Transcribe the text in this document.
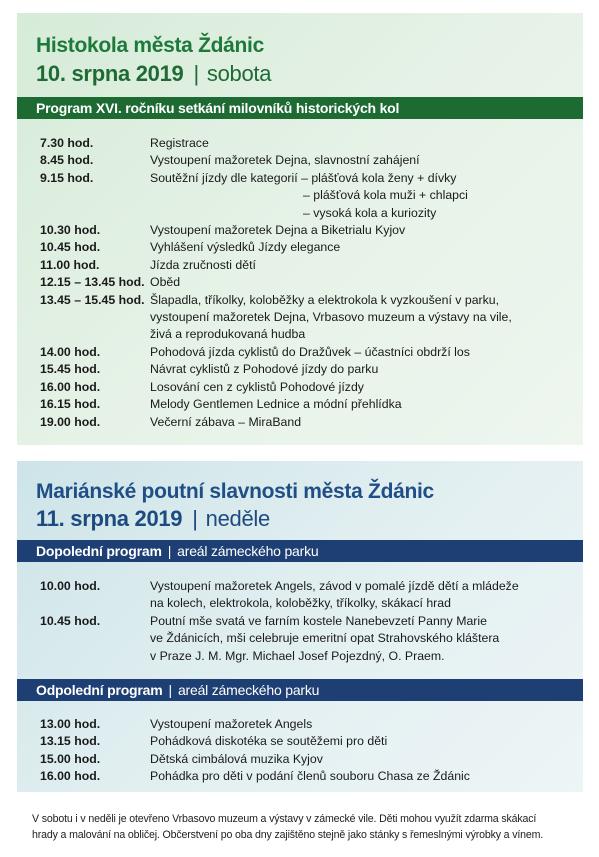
Histokola města Ždánic
10. srpna 2019 | sobota
Program XVI. ročníku setkání milovníků historických kol
7.30 hod.	Registrace
8.45 hod.	Vystoupení mažoretek Dejna, slavnostní zahájení
9.15 hod.	Soutěžní jízdy dle kategorií – plášťová kola ženy + dívky
– plášťová kola muži + chlapci
– vysoká kola a kuriozity
10.30 hod.	Vystoupení mažoretek Dejna a Biketrialu Kyjov
10.45 hod.	Vyhlášení výsledků Jízdy elegance
11.00 hod.	Jízda zručnosti dětí
12.15 – 13.45 hod. Oběd
13.45 – 15.45 hod. Šlapadla, tříkolky, koloběžky a elektrokola k vyzkoušení v parku,
vystoupení mažoretek Dejna, Vrbasovo muzeum a výstavy na vile,
živá a reprodukovaná hudba
14.00 hod.	Pohodová jízda cyklistů do Dražůvek – účastníci obdrží los
15.45 hod.	Návrat cyklistů z Pohodové jízdy do parku
16.00 hod.	Losování cen z cyklistů Pohodové jízdy
16.15 hod.	Melody Gentlemen Lednice a módní přehlídka
19.00 hod.	Večerní zábava – MiraBand
Mariánské poutní slavnosti města Ždánic
11. srpna 2019 | neděle
Dopolední program | areál zámeckého parku
10.00 hod.	Vystoupení mažoretek Angels, závod v pomalé jízdě dětí a mládeže
na kolech, elektrokola, koloběžky, tříkolky, skákací hrad
10.45 hod.	Poutní mše svatá ve farním kostele Nanebevzetí Panny Marie
ve Ždánicích, mši celebruje emeritní opat Strahovského kláštera
v Praze J. M. Mgr. Michael Josef Pojezdný, O. Praem.
Odpolední program | areál zámeckého parku
13.00 hod.	Vystoupení mažoretek Angels
13.15 hod.	Pohádková diskotéka se soutěžemi pro děti
15.00 hod.	Dětská cimbálová muzika Kyjov
16.00 hod.	Pohádka pro děti v podání členů souboru Chasa ze Ždánic
V sobotu i v neděli je otevřeno Vrbasovo muzeum a výstavy v zámecké vile. Děti mohou využít zdarma skákací
hrady a malování na obličej. Občerstvení po oba dny zajištěno stejně jako stánky s řemeslnými výrobky a vínem.
